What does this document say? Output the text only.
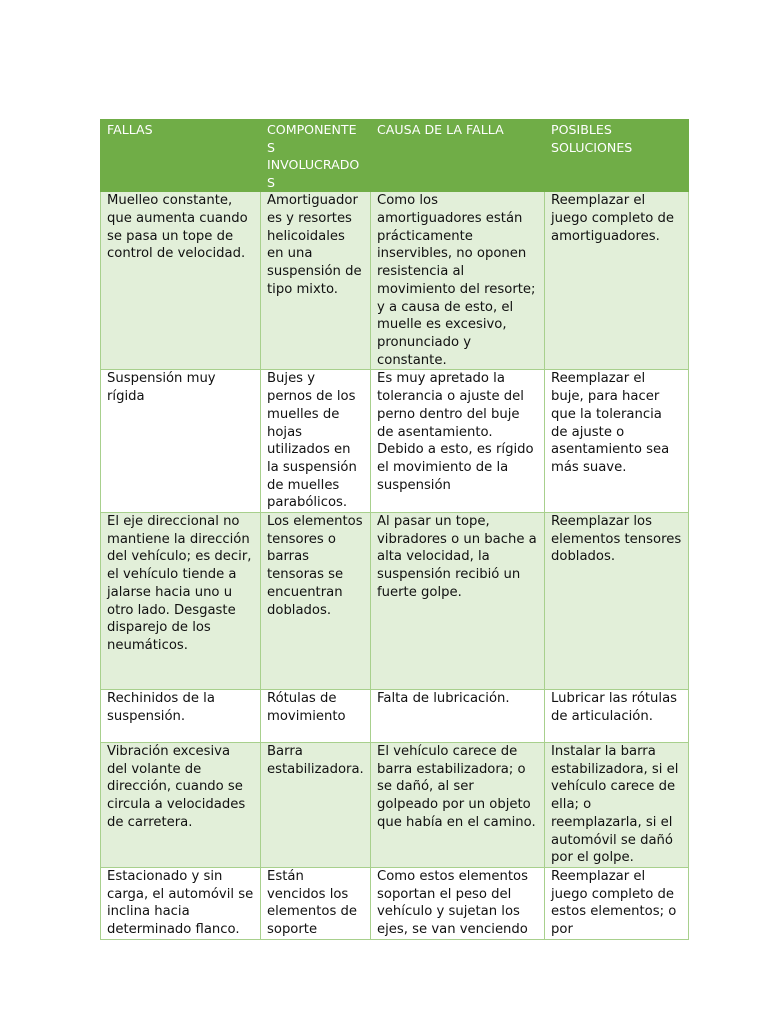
FALLAS	COMPONENTES INVOLUCRADOS	CAUSA DE LA FALLA	POSIBLES SOLUCIONES
Muelleo constante, que aumenta cuando se pasa un tope de control de velocidad.	Amortiguadores y resortes helicoidales en una suspensión de tipo mixto.	Como los amortiguadores están prácticamente inservibles, no oponen resistencia al movimiento del resorte; y a causa de esto, el muelle es excesivo, pronunciado y constante.	Reemplazar el juego completo de amortiguadores.
Suspensión muy rígida	Bujes y pernos de los muelles de hojas utilizados en la suspensión de muelles parabólicos.	Es muy apretado la tolerancia o ajuste del perno dentro del buje de asentamiento. Debido a esto, es rígido el movimiento de la suspensión	Reemplazar el buje, para hacer que la tolerancia de ajuste o asentamiento sea más suave.
El eje direccional no mantiene la dirección del vehículo; es decir, el vehículo tiende a jalarse hacia uno u otro lado. Desgaste disparejo de los neumáticos.	Los elementos tensores o barras tensoras se encuentran doblados.	Al pasar un tope, vibradores o un bache a alta velocidad, la suspensión recibió un fuerte golpe.	Reemplazar los elementos tensores doblados.
Rechinidos de la suspensión.	Rótulas de movimiento	Falta de lubricación.	Lubricar las rótulas de articulación.
Vibración excesiva del volante de dirección, cuando se circula a velocidades de carretera.	Barra estabilizadora.	El vehículo carece de barra estabilizadora; o se dañó, al ser golpeado por un objeto que había en el camino.	Instalar la barra estabilizadora, si el vehículo carece de ella; o reemplazarla, si el automóvil se dañó por el golpe.
Estacionado y sin carga, el automóvil se inclina hacia determinado flanco.	Están vencidos los elementos de soporte	Como estos elementos soportan el peso del vehículo y sujetan los ejes, se van venciendo	Reemplazar el juego completo de estos elementos; o por
